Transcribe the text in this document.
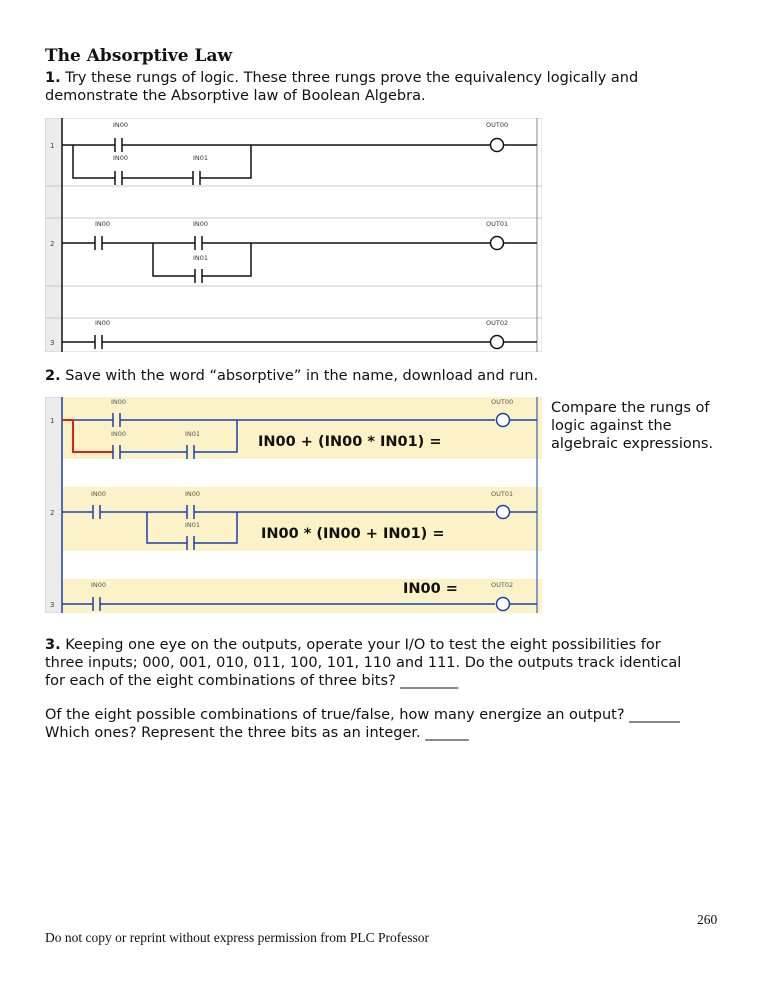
The Absorptive Law
1. Try these rungs of logic. These three rungs prove the equivalency logically and
demonstrate the Absorptive law of Boolean Algebra.
1
IN00
IN00	IN01
OUT00
2
IN00	IN00
IN01
OUT01
3
IN00	OUT02
2. Save with the word “absorptive” in the name, download and run.
1
IN00
IN00	IN01	IN00 + (IN00 * IN01) =
OUT00
2
IN00	IN00
IN01
IN00 * (IN00 + IN01) =
OUT01
3
IN00	IN00 =	OUT02
Compare the rungs of logic against the algebraic expressions.
3. Keeping one eye on the outputs, operate your I/O to test the eight possibilities for
three inputs; 000, 001, 010, 011, 100, 101, 110 and 111. Do the outputs track identical
for each of the eight combinations of three bits? ________
Of the eight possible combinations of true/false, how many energize an output? _______
Which ones? Represent the three bits as an integer. ______
260
Do not copy or reprint without express permission from PLC Professor
